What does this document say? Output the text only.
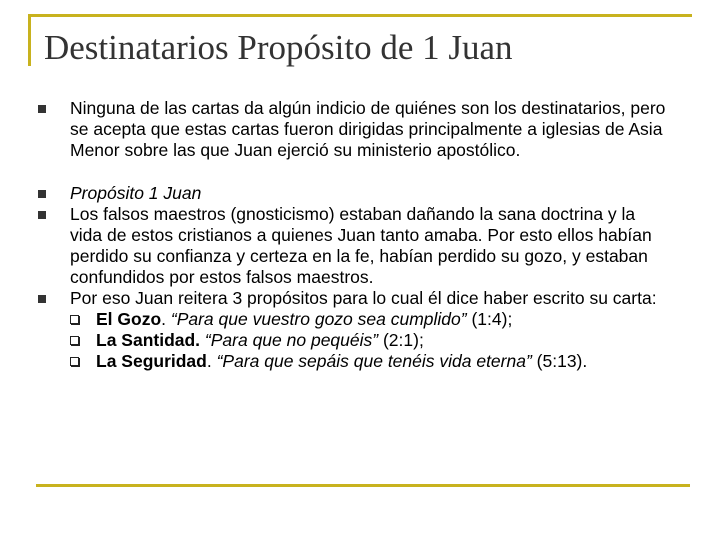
Destinatarios Propósito de 1 Juan
Ninguna de las cartas da algún indicio de quiénes son los destinatarios, pero se acepta que estas cartas fueron dirigidas principalmente a iglesias de Asia Menor sobre las que Juan ejerció su ministerio apostólico.
Propósito 1 Juan
Los falsos maestros (gnosticismo) estaban dañando la sana doctrina y la vida de estos cristianos a quienes Juan tanto amaba. Por esto ellos habían perdido su confianza y certeza en la fe, habían perdido su gozo, y estaban confundidos por estos falsos maestros.
Por eso Juan reitera 3 propósitos para lo cual él dice haber escrito su carta:
El Gozo. “Para que vuestro gozo sea cumplido” (1:4);
La Santidad. “Para que no pequéis” (2:1);
La Seguridad. “Para que sepáis que tenéis vida eterna” (5:13).
